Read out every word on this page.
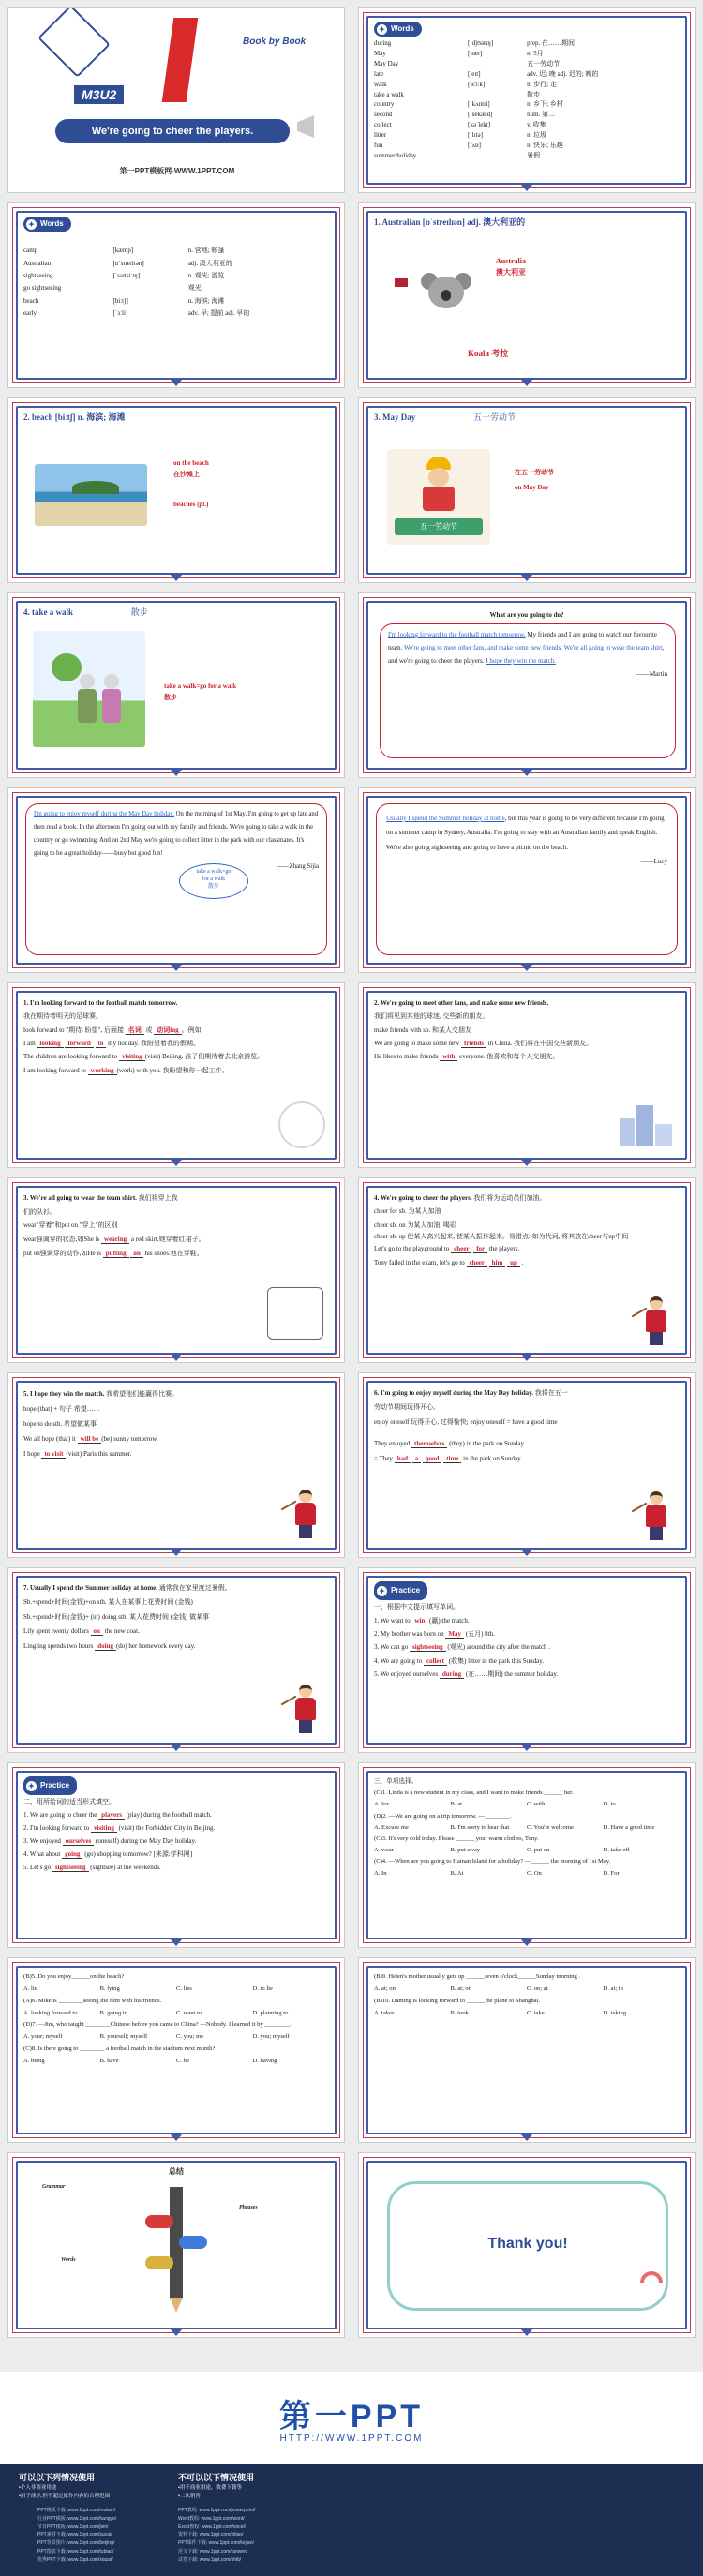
M3U2
Book by Book
We're going to cheer the players.
第一PPT模板网-WWW.1PPT.COM
✦ Words
during	[ˈdjʊərɪŋ]	prep. 在……期间
May	[meɪ]	n. 5月
May Day		五一劳动节
late	[leɪt]	adv. 迟; 晚 adj. 迟的; 晚的
walk	[wɔːk]	n. 步行; 走
take a walk		散步
country	[ˈkʌntri]	n. 乡下; 乡村
second	[ˈsekənd]	num. 第二
collect	[kəˈlekt]	v. 收集
litter	[ˈlɪtə]	n. 垃圾
fun	[fʌn]	n. 快乐; 乐趣
summer holiday		暑假
✦ Words
camp	[kæmp]	n. 营地; 帐篷
Australian	[ɒˈstreɪlɪən]	adj. 澳大利亚的
sightseeing	[ˈsaɪtsiːɪŋ]	n. 观光; 游览
go sightseeing		观光
beach	[biːtʃ]	n. 海滨; 海滩
early	[ˈɜːli]	adv. 早; 提前 adj. 早的
1. Australian [ɒˈstreɪlɪən] adj. 澳大利亚的
Australia
澳大利亚
Koala 考拉
2. beach [biːtʃ] n. 海滨; 海滩
on the beach
在沙滩上
beaches (pl.)
3. May Day	五一劳动节
五一劳动节
在五一劳动节
on May Day
4. take a walk	散步
take a walk=go for a walk
散步
What are you going to do?
I'm looking forward to the football match tomorrow. My friends and I are going to watch our favourite team. We're going to meet other fans, and make some new friends. We're all going to wear the team shirt, and we're going to cheer the players. I hope they win the match.
——Martin
I'm going to enjoy myself during the May Day holiday. On the morning of 1st May, I'm going to get up late and then read a book. In the afternoon I'm going out with my family and friends. We're going to take a walk in the country or go swimming. And on 2nd May we're going to collect litter in the park with our classmates. It's going to be a great holiday——busy but good fun!
——Zhang Sijia
take a walk=go
for a walk
散步
Usually I spend the Summer holiday at home, but this year is going to be very different because I'm going on a summer camp in Sydney, Australia. I'm going to stay with an Australian family and speak English. We're also going sightseeing and going to have a picnic on the beach.
——Lucy
1. I'm looking forward to the football match tomorrow.
我在期待着明天的足球赛。
look forward to "期待, 盼望", 后面接 名词 或 动词ing 。例如:
I am looking forward to my holiday. 我盼望着我的假期。
The children are looking forward to visiting (visit) Beijing. 孩子们期待着去北京游览。
I am looking forward to working (work) with you. 我盼望和你一起工作。
2. We're going to meet other fans, and make some new friends.
我们将见到其他的球迷, 交些新的朋友。
make friends with sb. 和某人交朋友
We are going to make some new friends in China. 我们将在中国交些新朋友。
He likes to make friends with everyone. 他喜欢和每个人交朋友。
3. We're all going to wear the team shirt. 我们将穿上我
们的队衫。
wear"穿着"和put on "穿上"的区别
wear强调穿的状态,如She is wearing a red skirt.她穿着红裙子。
put on强调穿的动作,如He is putting on his shoes.他在穿鞋。
4. We're going to cheer the players. 我们将为运动员们加油。
cheer for sb. 为某人加油
cheer sb. on 为某人加油, 喝彩
cheer sb. up 使某人高兴起来, 使某人振作起来。易错点: 如为代词, 将其放在cheer与up中间
Let's go to the playground to cheer for the players.
Tony failed in the exam, let's go to cheer him up .
5. I hope they win the match. 我希望他们能赢得比赛。
hope (that) + 句子 希望……
hope to do sth. 希望做某事
We all hope (that) it will be (be) sunny tomorrow.
I hope to visit (visit) Paris this summer.
6. I'm going to enjoy myself during the May Day holiday. 我将在五一
劳动节期间玩得开心。
enjoy oneself 玩得开心, 过得愉快; enjoy oneself = have a good time
They enjoyed themselves (they) in the park on Sunday.
= They had a good time in the park on Sunday.
7. Usually I spend the Summer holiday at home. 通常我在家里度过暑假。
Sb.+spend+时间(金钱)+on sth. 某人在某事上花费时间 (金钱)
Sb.+spend+时间(金钱)+ (in) doing sth. 某人花费时间 (金钱) 做某事
Lily spent twenty dollars on the new coat.
Lingling spends two hours doing (do) her homework every day.
✦ Practice
一、根据中文提示填写单词。
1. We want to win (赢) the match.
2. My brother was born on May (五月) 8th.
3. We can go sightseeing (观光) around the city after the match .
4. We are going to collect (收集) litter in the park this Sunday.
5. We enjoyed ourselves during (在……期间) the summer holiday.
✦ Practice
二、用所给词的适当形式填空。
1. We are going to cheer the players (play) during the football match.
2. I'm looking forward to visiting (visit) the Forbidden City in Beijing.
3. We enjoyed ourselves (oneself) during the May Day holiday.
4. What about going (go) shopping tomorrow? [来源:学科网]
5. Let's go sightseeing (sightsee) at the weekends.
三、单项选择。
(C)1. Linda is a new student in my class, and I want to make friends ______ her.
A. for	B. at	C. with	D. to
(D)2. —We are going on a trip tomorrow. —________.
A. Excuse me	B. I'm sorry to hear that	C. You're welcome	D. Have a good time
(C)3. It's very cold today. Please ______ your warm clothes, Tony.
A. wear	B. put away	C. put on	D. take off
(C)4. —When are you going to Hainan Island for a holiday? —______ the morning of 1st May.
A. In	B. At	C. On	D. For
(B)5. Do you enjoy______on the beach?
A. lie	B. lying	C. lies	D. to lie
(A)6. Mike is ________seeing the film with his friends.
A. looking forward to	B. going to	C. want to	D. planning to
(D)7. —Jim, who taught ________Chinese before you came to China? —Nobody. I learned it by ________.
A. your; myself	B. yourself; myself	C. you; me	D. you; myself
(C)8. Is there going to ________ a football match in the stadium next month?
A. being	B. have	C. be	D. having
(B)9. Helen's mother usually gets up ______seven o'clock______Sunday morning .
A. at; on	B. at; on	C. on; at	D. at; in
(B)10. Daming is looking forward to ______the plane to Shanghai.
A. takes	B. took	C. take	D. taking
总结
Grammar
Phrases
Words
Thank you!
第一PPT
HTTP://WWW.1PPT.COM
可以以下列情况使用	不可以以下情况使用
•个人非商业用途
•用于演示,但不超过原作内容的合理范围
•用于商业用途、收费下载等
•二次销售
PPT模板下载: www.1ppt.com/moban/
行业PPT模板: www.1ppt.com/hangye/
节日PPT模板: www.1ppt.com/jieri/
PPT素材下载: www.1ppt.com/sucai/
PPT背景图片: www.1ppt.com/beijing/
PPT图表下载: www.1ppt.com/tubiao/
优秀PPT下载: www.1ppt.com/xiazai/
PPT教程: www.1ppt.com/powerpoint/
Word教程: www.1ppt.com/word/
Excel教程: www.1ppt.com/excel/
资料下载: www.1ppt.com/ziliao/
PPT课件下载: www.1ppt.com/kejian/
范文下载: www.1ppt.com/fanwen/
试卷下载: www.1ppt.com/shiti/
